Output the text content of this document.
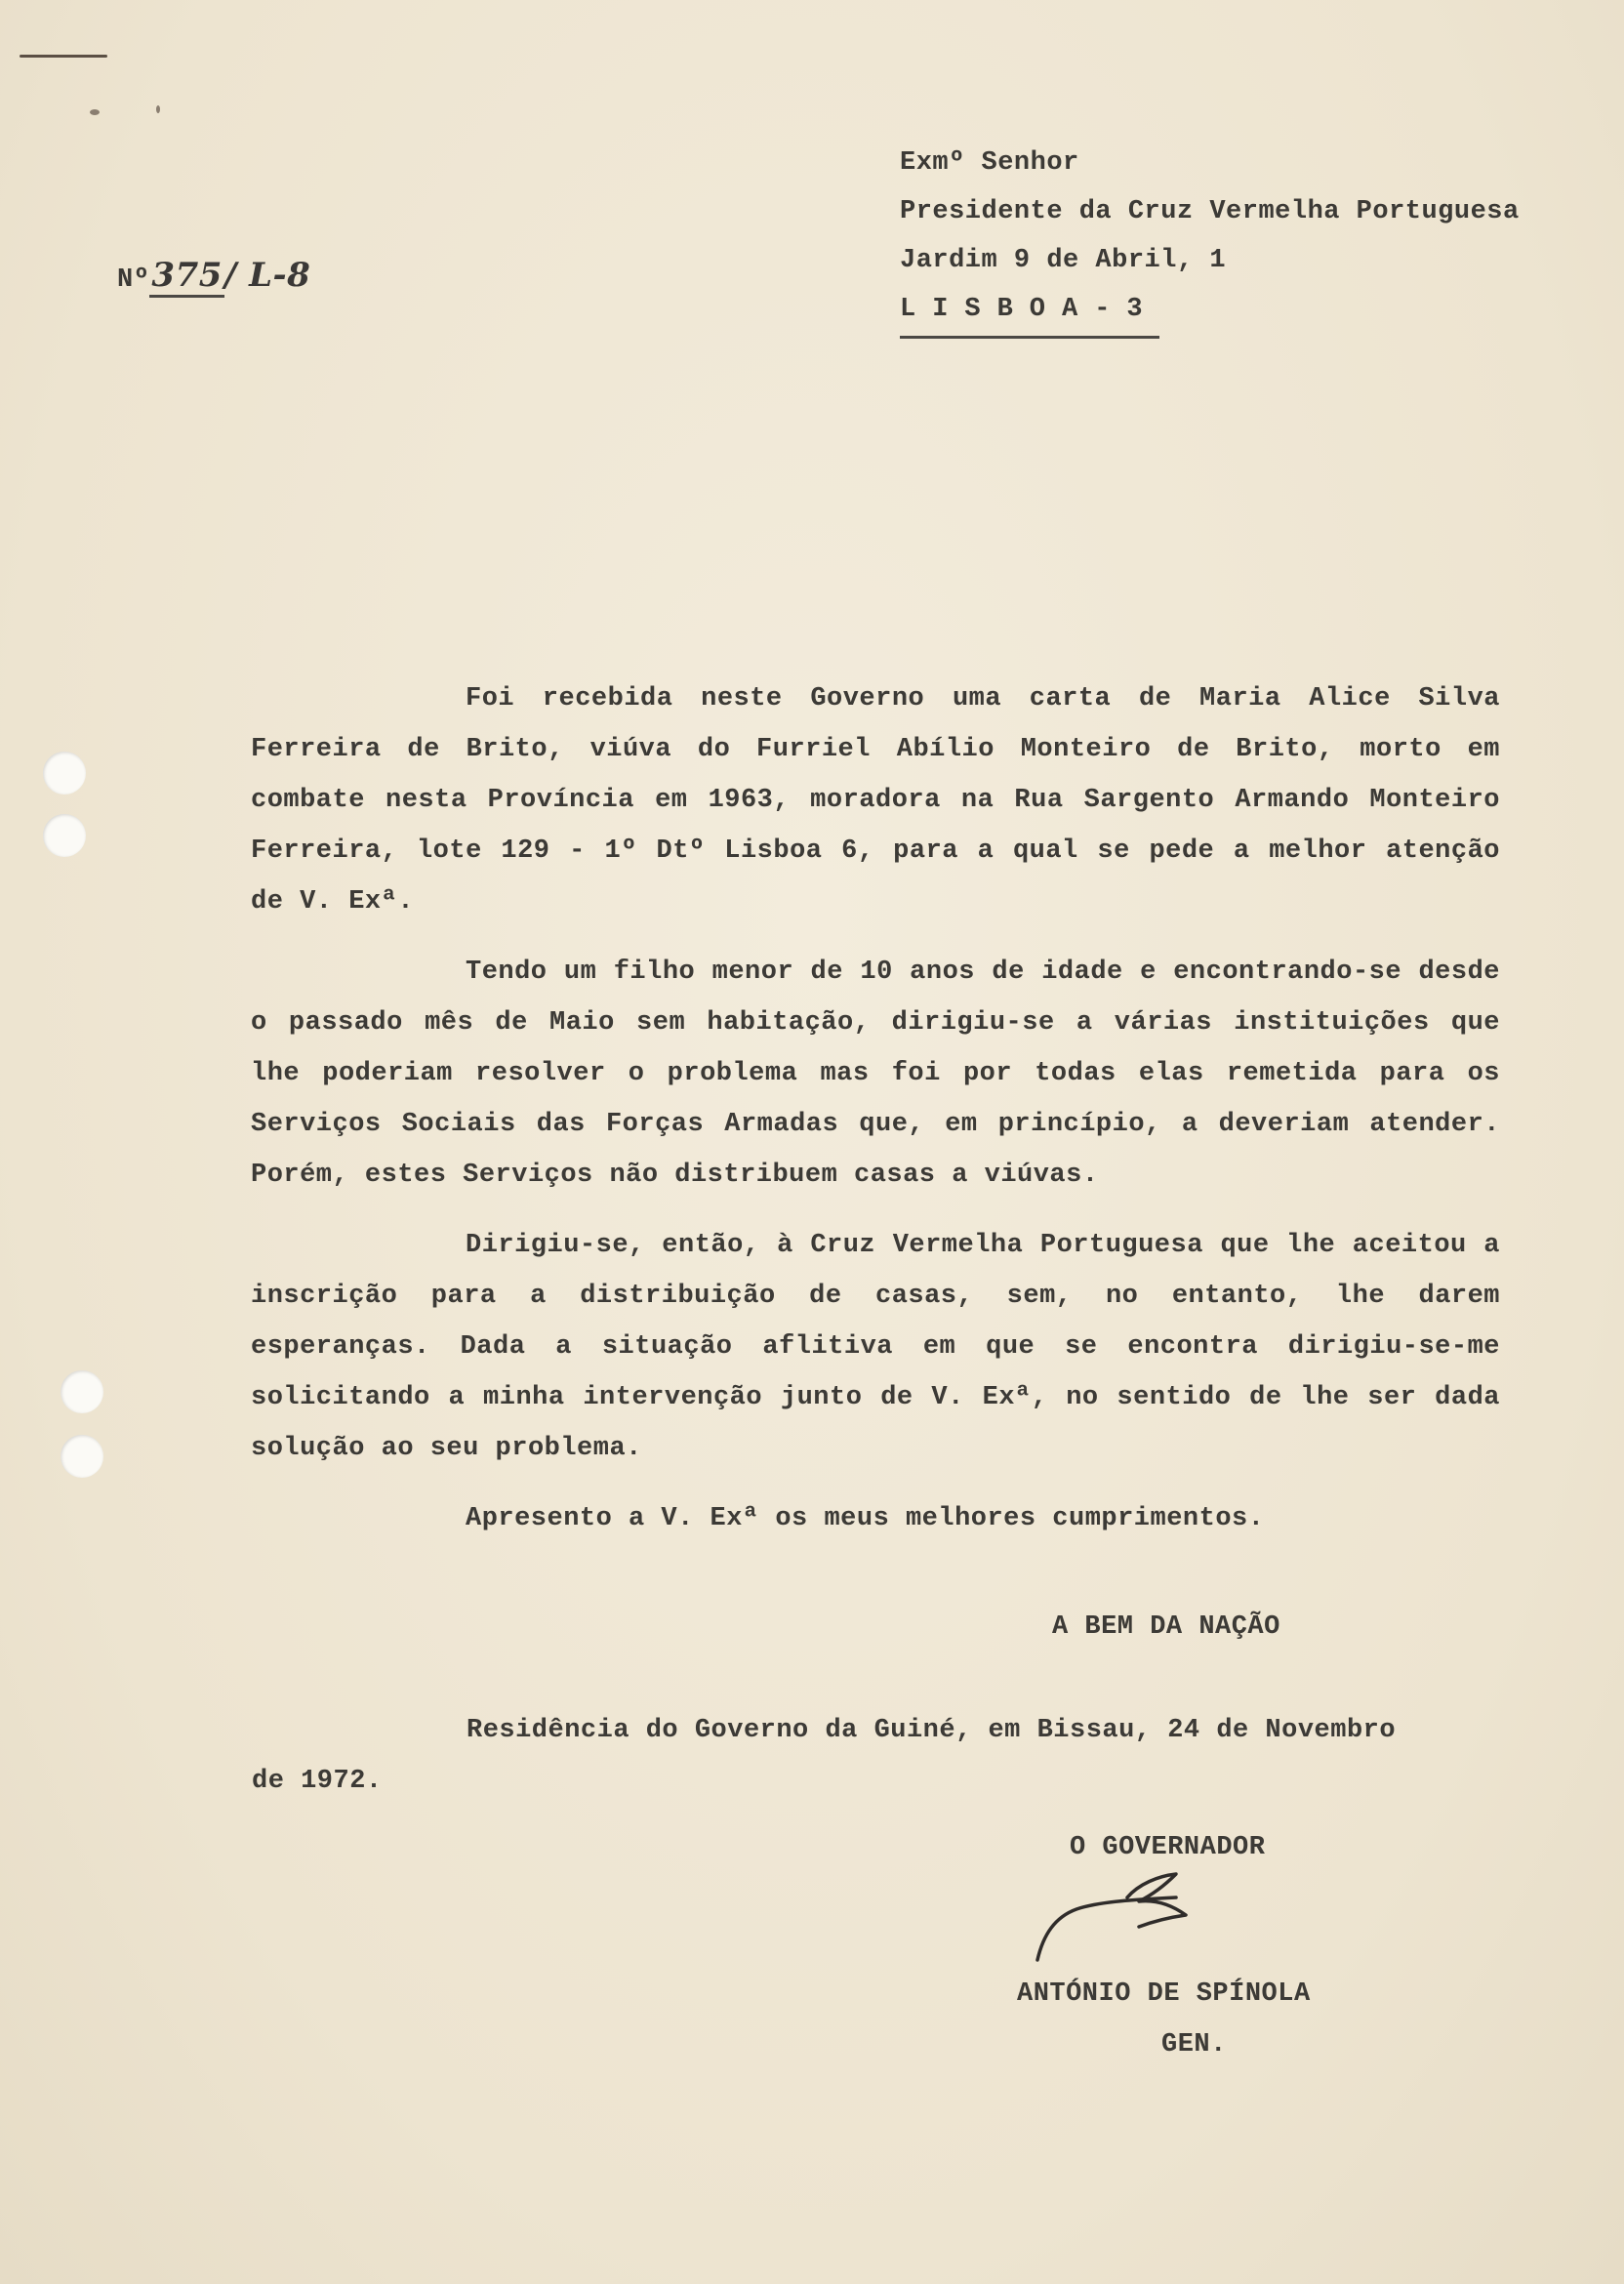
Nº375/ L-8
Exmº Senhor
Presidente da Cruz Vermelha Portuguesa
Jardim 9 de Abril, 1
LISBOA-3

Foi recebida neste Governo uma carta de Maria Alice Silva Ferreira de Brito, viúva do Furriel Abílio Monteiro de Brito, morto em combate nesta Província em 1963, moradora na Rua Sargento Armando Monteiro Ferreira, lote 129 - 1º Dtº Lisboa 6, para a qual se pede a melhor atenção de V. Exª.

Tendo um filho menor de 10 anos de idade e encontrando-se desde o passado mês de Maio sem habitação, dirigiu-se a várias instituições que lhe poderiam resolver o problema mas foi por todas elas remetida para os Serviços Sociais das Forças Armadas que, em princípio, a deveriam atender. Porém, estes Serviços não distribuem casas a viúvas.

Dirigiu-se, então, à Cruz Vermelha Portuguesa que lhe aceitou a inscrição para a distribuição de casas, sem, no entanto, lhe darem esperanças. Dada a situação aflitiva em que se encontra dirigiu-se-me solicitando a minha intervenção junto de V. Exª, no sentido de lhe ser dada solução ao seu problema.

Apresento a V. Exª os meus melhores cumprimentos.

A BEM DA NAÇÃO
Residência do Governo da Guiné, em Bissau, 24 de Novembro
de 1972.
O GOVERNADOR
ANTÓNIO DE SPÍNOLA
GEN.
